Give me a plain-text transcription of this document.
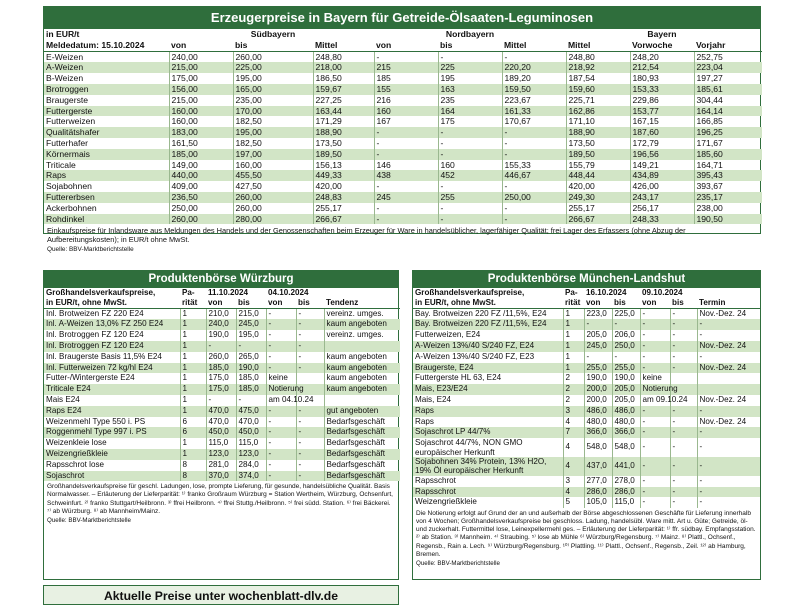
Erzeugerpreise in Bayern für Getreide-Ölsaaten-Leguminosen
in EUR/t		Südbayern			Nordbayern			Bayern	
Meldedatum: 15.10.2024	von	bis	Mittel	von	bis	Mittel	Mittel	Vorwoche	Vorjahr
E-Weizen	240,00	260,00	248,80	-	-	-	248,80	248,20	252,75
A-Weizen	215,00	225,00	218,00	215	225	220,20	218,92	212,54	223,04
B-Weizen	175,00	195,00	186,50	185	195	189,20	187,54	180,93	197,27
Brotroggen	156,00	165,00	159,67	155	163	159,50	159,60	153,33	185,61
Braugerste	215,00	235,00	227,25	216	235	223,67	225,71	229,86	304,44
Futtergerste	160,00	170,00	163,44	160	164	161,33	162,86	153,77	164,14
Futterweizen	160,00	182,50	171,29	167	175	170,67	171,10	167,15	166,85
Qualitätshafer	183,00	195,00	188,90	-	-	-	188,90	187,60	196,25
Futterhafer	161,50	182,50	173,50	-	-	-	173,50	172,79	171,67
Körnermais	185,00	197,00	189,50	-	-	-	189,50	196,56	185,60
Triticale	149,00	160,00	156,13	146	160	155,33	155,79	149,21	164,71
Raps	440,00	455,50	449,33	438	452	446,67	448,44	434,89	395,43
Sojabohnen	409,00	427,50	420,00	-	-	-	420,00	426,00	393,67
Futtererbsen	236,50	260,00	248,83	245	255	250,00	249,30	243,17	235,17
Ackerbohnen	250,00	260,00	255,17	-	-	-	255,17	256,17	238,00
Rohdinkel	260,00	280,00	266,67	-	-	-	266,67	248,33	190,50
Einkaufspreise für Inlandsware aus Meldungen des Handels und der Genossenschaften beim Erzeuger für Ware in handelsüblicher, lagerfähiger Qualität; frei Lager des Erfassers (ohne Abzug der Aufbereitungskosten); in EUR/t ohne MwSt.
Quelle: BBV-Marktberichtstelle
Produktenbörse Würzburg
Großhandelsverkaufspreise,	Pa-	11.10.2024		04.10.2024		
in EUR/t, ohne MwSt.	rität	von	bis	von	bis	Tendenz
Inl. Brotweizen FZ 220 E24	1	210,0	215,0	-	-	vereinz. umges.
Inl. A-Weizen 13,0% FZ 250 E24	1	240,0	245,0	-	-	kaum angeboten
Inl. Brotroggen FZ 120 E24	1	190,0	195,0	-	-	vereinz. umges.
Inl. Brotroggen FZ 120 E24	1	-	-	-	-	
Inl. Braugerste Basis 11,5% E24	1	260,0	265,0	-	-	kaum angeboten
Inl. Futterweizen 72 kg/hl E24	1	185,0	190,0	-	-	kaum angeboten
Futter-/Wintergerste E24	1	175,0	185,0	keine		kaum angeboten
Triticale E24	1	175,0	185,0	Notierung		kaum angeboten
Mais E24	1	-	-	am 04.10.24		
Raps E24	1	470,0	475,0	-	-	gut angeboten
Weizenmehl Type 550 i. PS	6	470,0	470,0	-	-	Bedarfsgeschäft
Roggenmehl Type 997 i. PS	6	450,0	450,0	-	-	Bedarfsgeschäft
Weizenkleie lose	1	115,0	115,0	-	-	Bedarfsgeschäft
Weizengrießkleie	1	123,0	123,0	-	-	Bedarfsgeschäft
Rapsschrot lose	8	281,0	284,0	-	-	Bedarfsgeschäft
Sojaschrot	8	370,0	374,0	-	-	Bedarfsgeschäft
Großhandelsverkaufspreise für geschl. Ladungen, lose, prompte Lieferung, für gesunde, handelsübliche Qualität. Basis Normalwasser. – Erläuterung der Lieferparität: ¹⁾ franko Großraum Würzburg = Station Wertheim, Würzburg, Ochsenfurt, Schweinfurt. ²⁾ franko Stuttgart/Heilbronn. ³⁾ ffrei Heilbronn. ⁴⁾ ffrei Stuttg./Heilbronn. ⁵⁾ frei südd. Station. ⁶⁾ frei Bäckerei. ⁷⁾ ab Würzburg. ⁸⁾ ab Mannheim/Mainz.
Quelle: BBV-Marktberichtstelle
Produktenbörse München-Landshut
Großhandelsverkaufspreise,	Pa-	16.10.2024		09.10.2024		
in EUR/t, ohne MwSt.	rität	von	bis	von	bis	Termin
Bay. Brotweizen 220 FZ /11,5%, E24	1	223,0	225,0	-	-	Nov.-Dez. 24
Bay. Brotweizen 220 FZ /11,5%, E24	1	-	-	-	-	-
Futterweizen, E24	1	205,0	206,0	-	-	-
A-Weizen 13%/40 S/240 FZ, E24	1	245,0	250,0	-	-	Nov.-Dez. 24
A-Weizen 13%/40 S/240 FZ, E23	1	-	-	-	-	-
Braugerste, E24	1	255,0	255,0	-	-	Nov.-Dez. 24
Futtergerste HL 63, E24	2	190,0	190,0	keine		
Mais, E23/E24	2	200,0	205,0	Notierung		
Mais, E24	2	200,0	205,0	am 09.10.24		Nov.-Dez. 24
Raps	3	486,0	486,0	-	-	-
Raps	4	480,0	480,0	-	-	Nov.-Dez. 24
Sojaschrot LP 44/7%	7	366,0	366,0	-	-	-
Sojaschrot 44/7%, NON GMO europäischer Herkunft	4	548,0	548,0	-	-	-
Sojabohnen 34% Protein, 13% H2O, 19% Öl europäischer Herkunft	4	437,0	441,0	-	-	-
Rapsschrot	3	277,0	278,0	-	-	-
Rapsschrot	4	286,0	286,0	-	-	-
Weizengrießkleie	5	105,0	115,0	-	-	-
Die Notierung erfolgt auf Grund der an und außerhalb der Börse abgeschlossenen Geschäfte für Lieferung innerhalb von 4 Wochen; Großhandelsverkaufspreise bei geschloss. Ladung, handelsübl. Ware mitt. Art u. Güte; Getreide, öl- und zuckerhalt. Futtermittel lose, Leinexpellermehl ges. – Erläuterung der Lieferparität: ¹⁾ ffr. südbay. Empfangsstation. ²⁾ ab Station. ³⁾ Mannheim. ⁴⁾ Straubing. ⁵⁾ lose ab Mühle ⁶⁾ Würzburg/Regensburg. ⁷⁾ Mainz. ⁸⁾ Plattl., Ochsenf., Regensb., Rain a. Lech. ⁹⁾ Würzburg/Regensburg. ¹⁰⁾ Plattling. ¹¹⁾ Plattl., Ochsenf., Regensb., Zeil. ¹²⁾ ab Hamburg, Bremen.
Quelle: BBV-Marktberichtstelle
Aktuelle Preise unter wochenblatt-dlv.de
